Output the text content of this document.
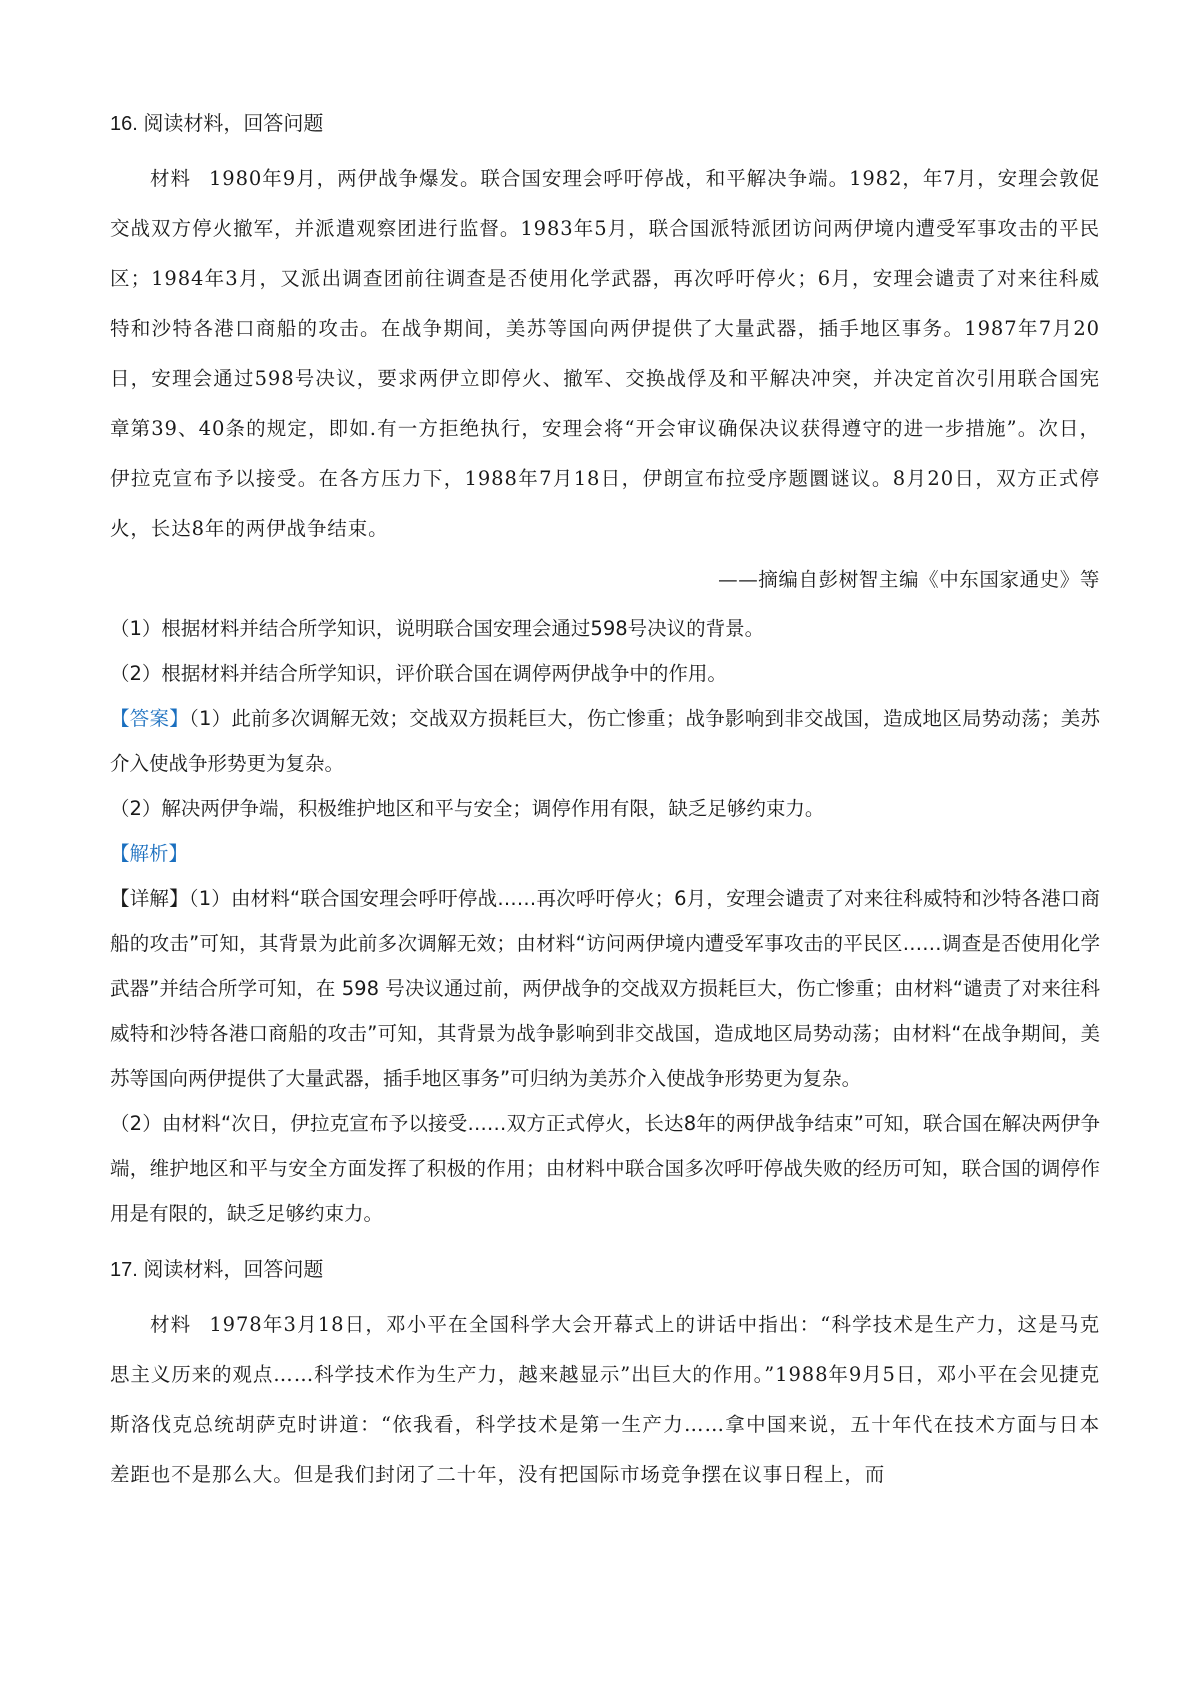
16. 阅读材料，回答问题

材料 1980年9月，两伊战争爆发。联合国安理会呼吁停战，和平解决争端。1982，年7月，安理会敦促交战双方停火撤军，并派遣观察团进行监督。1983年5月，联合国派特派团访问两伊境内遭受军事攻击的平民区；1984年3月，又派出调查团前往调查是否使用化学武器，再次呼吁停火；6月，安理会谴责了对来往科威特和沙特各港口商船的攻击。在战争期间，美苏等国向两伊提供了大量武器，插手地区事务。1987年7月20日，安理会通过598号决议，要求两伊立即停火、撤军、交换战俘及和平解决冲突，并决定首次引用联合国宪章第39、40条的规定，即如.有一方拒绝执行，安理会将“开会审议确保决议获得遵守的进一步措施”。次日，伊拉克宣布予以接受。在各方压力下，1988年7月18日，伊朗宣布拉受序题圜谜议。8月20日，双方正式停火，长达8年的两伊战争结束。

——摘编自彭树智主编《中东国家通史》等

（1）根据材料并结合所学知识，说明联合国安理会通过598号决议的背景。

（2）根据材料并结合所学知识，评价联合国在调停两伊战争中的作用。

【答案】（1）此前多次调解无效；交战双方损耗巨大，伤亡惨重；战争影响到非交战国，造成地区局势动荡；美苏介入使战争形势更为复杂。

（2）解决两伊争端，积极维护地区和平与安全；调停作用有限，缺乏足够约束力。

【解析】

【详解】（1）由材料“联合国安理会呼吁停战……再次呼吁停火；6月，安理会谴责了对来往科威特和沙特各港口商船的攻击”可知，其背景为此前多次调解无效；由材料“访问两伊境内遭受军事攻击的平民区……调查是否使用化学武器”并结合所学可知，在 598 号决议通过前，两伊战争的交战双方损耗巨大，伤亡惨重；由材料“谴责了对来往科威特和沙特各港口商船的攻击”可知，其背景为战争影响到非交战国，造成地区局势动荡；由材料“在战争期间，美苏等国向两伊提供了大量武器，插手地区事务”可归纳为美苏介入使战争形势更为复杂。

（2）由材料“次日，伊拉克宣布予以接受……双方正式停火，长达8年的两伊战争结束”可知，联合国在解决两伊争端，维护地区和平与安全方面发挥了积极的作用；由材料中联合国多次呼吁停战失败的经历可知，联合国的调停作用是有限的，缺乏足够约束力。

17. 阅读材料，回答问题

材料 1978年3月18日，邓小平在全国科学大会开幕式上的讲话中指出：“科学技术是生产力，这是马克思主义历来的观点……科学技术作为生产力，越来越显示”出巨大的作用。”1988年9月5日，邓小平在会见捷克斯洛伐克总统胡萨克时讲道：“依我看，科学技术是第一生产力……拿中国来说，五十年代在技术方面与日本差距也不是那么大。但是我们封闭了二十年，没有把国际市场竞争摆在议事日程上，而
